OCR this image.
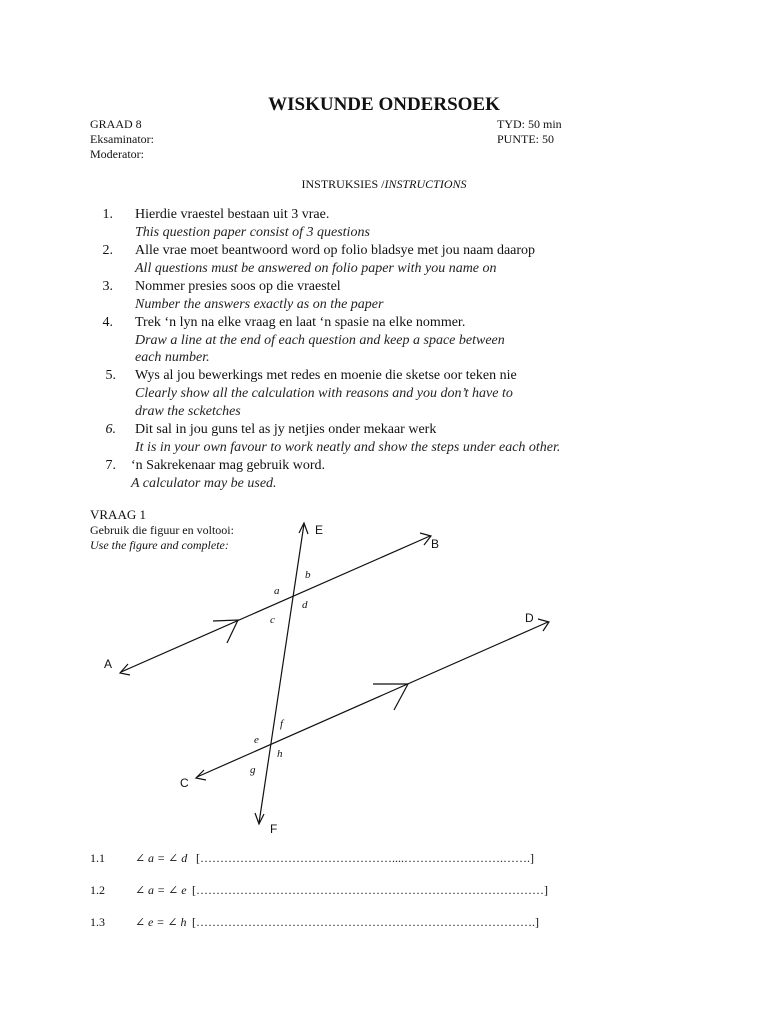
WISKUNDE ONDERSOEK
GRAAD 8
Eksaminator:
Moderator:
TYD: 50 min
PUNTE: 50
INSTRUKSIES /INSTRUCTIONS
1. Hierdie vraestel bestaan uit 3 vrae.
This question paper consist of 3 questions
2. Alle vrae moet beantwoord word op folio bladsye met jou naam daarop
All questions must be answered on folio paper with you name on
3. Nommer presies soos op die vraestel
Number the answers exactly as on the paper
4. Trek ‘n lyn na elke vraag en laat ‘n spasie na elke nommer.
Draw a line at the end of each question and keep a space between
each number.
5. Wys al jou bewerkings met redes en moenie die sketse oor teken nie
Clearly show all the calculation with reasons and you don’t have to
draw the scketches
6. Dit sal in jou guns tel as jy netjies onder mekaar werk
It is in your own favour to work neatly and show the steps under each other.
7. ‘n Sakrekenaar mag gebruik word.
A calculator may be used.
VRAAG 1
Gebruik die figuur en voltooi:
Use the figure and complete:
E
B
A
D
C
F
b
a
d
c
f
e
h
g
1.1	∠ a = ∠ d […………………………………………....…………………….…….]
1.2	∠ a = ∠ e [……………………………………………………………………………]
1.3	∠ e = ∠ h [………………………………………………………………………….]
